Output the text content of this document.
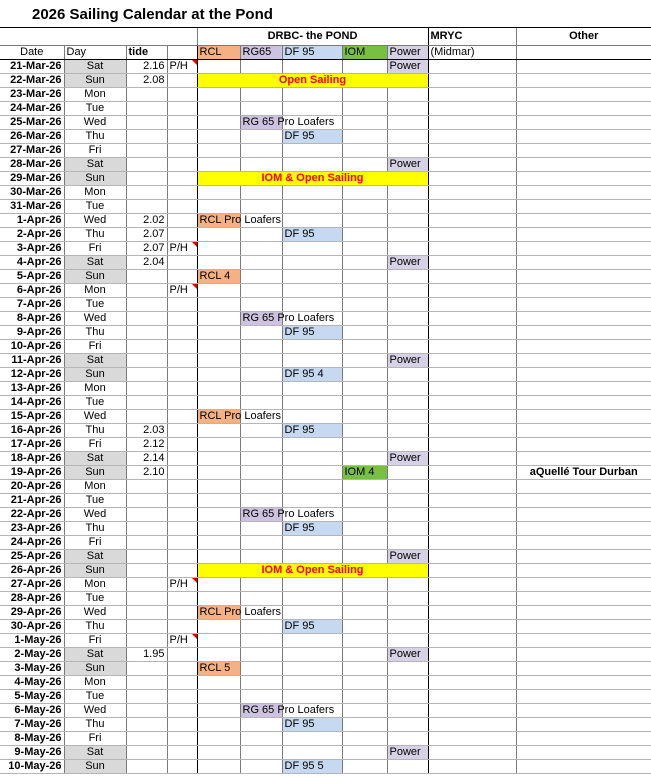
2026 Sailing Calendar at the Pond
				DRBC- the POND					MRYC	Other
Date	Day	tide		RCL	RG65	DF 95	IOM	Power	(Midmar)	
21-Mar-26	Sat	2.16	P/H					Power		
22-Mar-26	Sun	2.08		Open Sailing						
23-Mar-26	Mon									
24-Mar-26	Tue									
25-Mar-26	Wed				RG 65 Pro Loafers					

26-Mar-26	Thu					DF 95				

27-Mar-26	Fri									
28-Mar-26	Sat							Power		
29-Mar-26	Sun			IOM & Open Sailing						
30-Mar-26	Mon									
31-Mar-26	Tue									
1-Apr-26	Wed	2.02		RCL Pro Loafers						

2-Apr-26	Thu	2.07				DF 95				

3-Apr-26	Fri	2.07	P/H							
4-Apr-26	Sat	2.04						Power		
5-Apr-26	Sun			RCL 4						

6-Apr-26	Mon		P/H							
7-Apr-26	Tue									
8-Apr-26	Wed				RG 65 Pro Loafers					

9-Apr-26	Thu					DF 95				

10-Apr-26	Fri									
11-Apr-26	Sat							Power		
12-Apr-26	Sun					DF 95 4				

13-Apr-26	Mon									
14-Apr-26	Tue									
15-Apr-26	Wed			RCL Pro Loafers						

16-Apr-26	Thu	2.03				DF 95				

17-Apr-26	Fri	2.12								
18-Apr-26	Sat	2.14						Power		
19-Apr-26	Sun	2.10					IOM 4			aQuellé Tour Durban
20-Apr-26	Mon									
21-Apr-26	Tue									
22-Apr-26	Wed				RG 65 Pro Loafers					

23-Apr-26	Thu					DF 95				

24-Apr-26	Fri									
25-Apr-26	Sat							Power		
26-Apr-26	Sun			IOM & Open Sailing						
27-Apr-26	Mon		P/H							
28-Apr-26	Tue									
29-Apr-26	Wed			RCL Pro Loafers						

30-Apr-26	Thu					DF 95				

1-May-26	Fri		P/H							
2-May-26	Sat	1.95						Power		
3-May-26	Sun			RCL 5						

4-May-26	Mon									
5-May-26	Tue									
6-May-26	Wed				RG 65 Pro Loafers					

7-May-26	Thu					DF 95				

8-May-26	Fri									
9-May-26	Sat							Power		
10-May-26	Sun					DF 95 5				
